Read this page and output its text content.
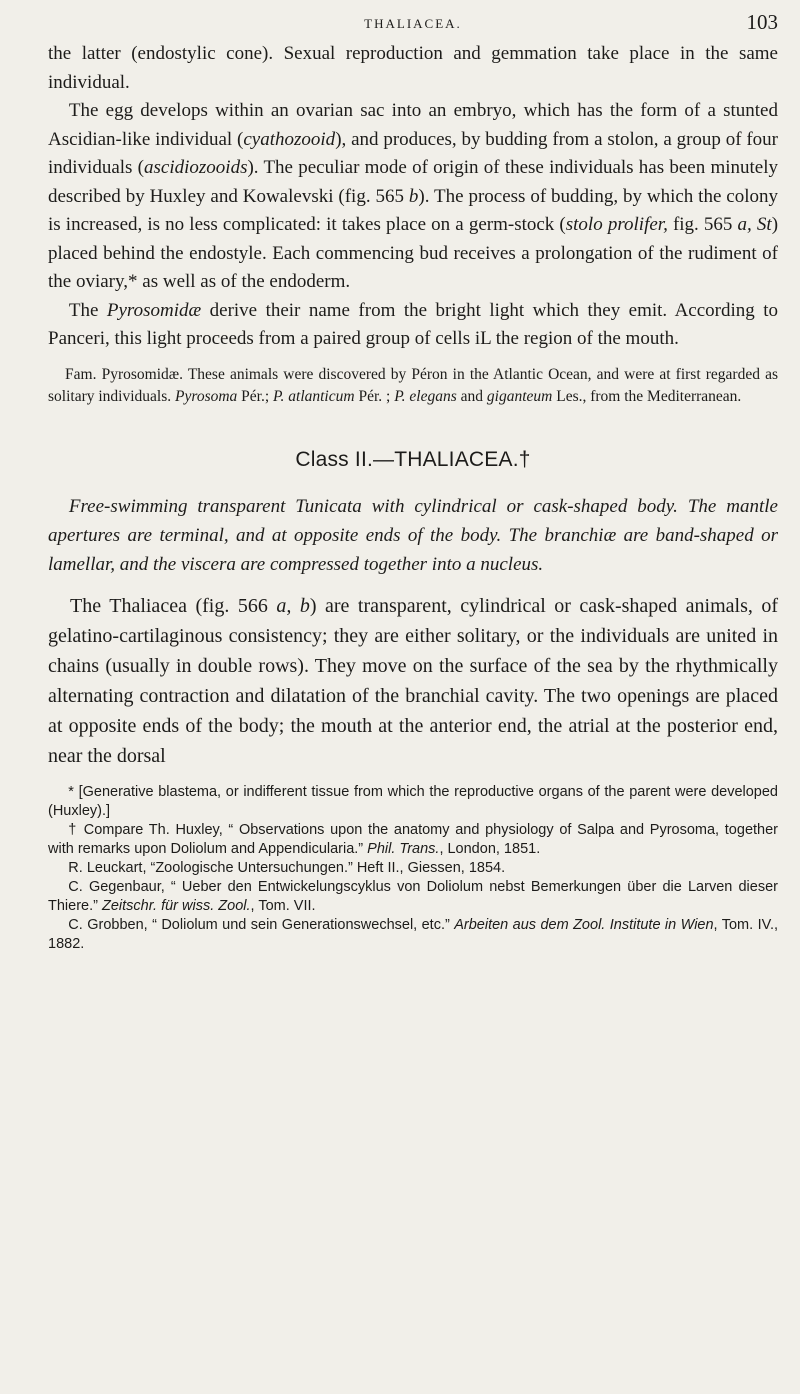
THALIACEA.	103

the latter (endostylic cone). Sexual reproduction and gemmation take place in the same individual.

The egg develops within an ovarian sac into an embryo, which has the form of a stunted Ascidian-like individual (cyathozooid), and produces, by budding from a stolon, a group of four individuals (ascidiozooids). The peculiar mode of origin of these individuals has been minutely described by Huxley and Kowalevski (fig. 565 b). The process of budding, by which the colony is increased, is no less complicated: it takes place on a germ-stock (stolo prolifer, fig. 565 a, St) placed behind the endostyle. Each commencing bud receives a prolongation of the rudiment of the oviary,* as well as of the endoderm.

The Pyrosomidæ derive their name from the bright light which they emit. According to Panceri, this light proceeds from a paired group of cells iL the region of the mouth.

Fam. Pyrosomidæ. These animals were discovered by Péron in the Atlantic Ocean, and were at first regarded as solitary individuals. Pyrosoma Pér.; P. atlanticum Pér. ; P. elegans and giganteum Les., from the Mediterranean.

Class II.—THALIACEA.†

Free-swimming transparent Tunicata with cylindrical or cask-shaped body. The mantle apertures are terminal, and at opposite ends of the body. The branchiæ are band-shaped or lamellar, and the viscera are compressed together into a nucleus.

The Thaliacea (fig. 566 a, b) are transparent, cylindrical or cask-shaped animals, of gelatino-cartilaginous consistency; they are either solitary, or the individuals are united in chains (usually in double rows). They move on the surface of the sea by the rhythmically alternating contraction and dilatation of the branchial cavity. The two openings are placed at opposite ends of the body; the mouth at the anterior end, the atrial at the posterior end, near the dorsal

* [Generative blastema, or indifferent tissue from which the reproductive organs of the parent were developed (Huxley).]

† Compare Th. Huxley, “ Observations upon the anatomy and physiology of Salpa and Pyrosoma, together with remarks upon Doliolum and Appendicularia.” Phil. Trans., London, 1851.

R. Leuckart, “Zoologische Untersuchungen.” Heft II., Giessen, 1854.

C. Gegenbaur, “ Ueber den Entwickelungscyklus von Doliolum nebst Bemerkungen über die Larven dieser Thiere.” Zeitschr. für wiss. Zool., Tom. VII.

C. Grobben, “ Doliolum und sein Generationswechsel, etc.” Arbeiten aus dem Zool. Institute in Wien, Tom. IV., 1882.
